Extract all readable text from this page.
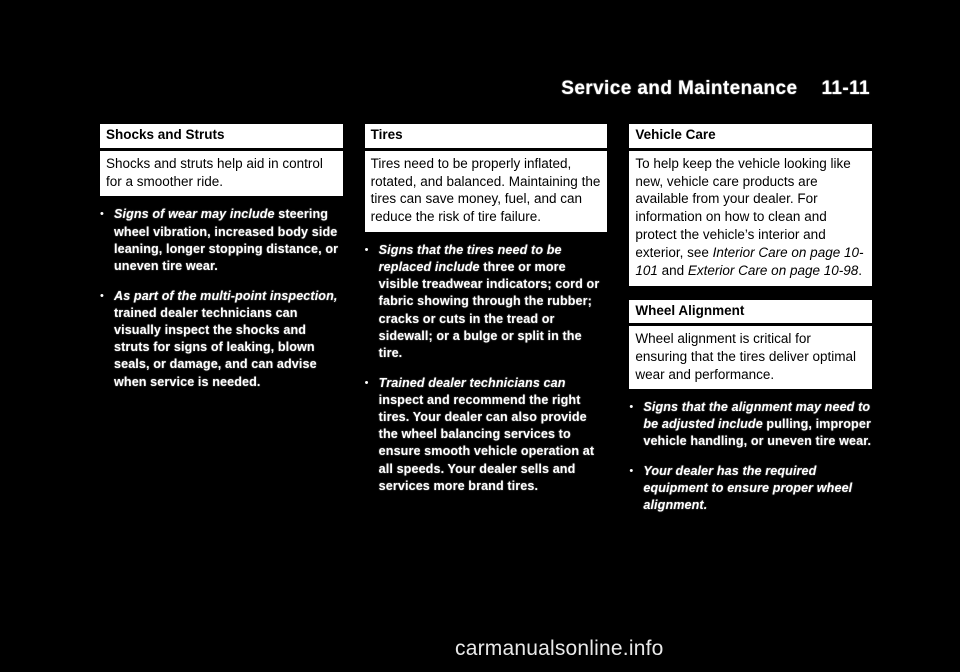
Service and Maintenance 11-11
Shocks and Struts
Shocks and struts help aid in control for a smoother ride.
• Signs of wear may include steering wheel vibration, increased body side leaning, longer stopping distance, or uneven tire wear.
• As part of the multi-point inspection, trained dealer technicians can visually inspect the shocks and struts for signs of leaking, blown seals, or damage, and can advise when service is needed.
Tires
Tires need to be properly inflated, rotated, and balanced. Maintaining the tires can save money, fuel, and can reduce the risk of tire failure.
• Signs that the tires need to be replaced include three or more visible treadwear indicators; cord or fabric showing through the rubber; cracks or cuts in the tread or sidewall; or a bulge or split in the tire.
• Trained dealer technicians can inspect and recommend the right tires. Your dealer can also provide the wheel balancing services to ensure smooth vehicle operation at all speeds. Your dealer sells and services more brand tires.
Vehicle Care
To help keep the vehicle looking like new, vehicle care products are available from your dealer. For information on how to clean and protect the vehicle’s interior and exterior, see Interior Care on page 10-101 and Exterior Care on page 10-98.
Wheel Alignment
Wheel alignment is critical for ensuring that the tires deliver optimal wear and performance.
• Signs that the alignment may need to be adjusted include pulling, improper vehicle handling, or uneven tire wear.
• Your dealer has the required equipment to ensure proper wheel alignment.
carmanualsonline.info
